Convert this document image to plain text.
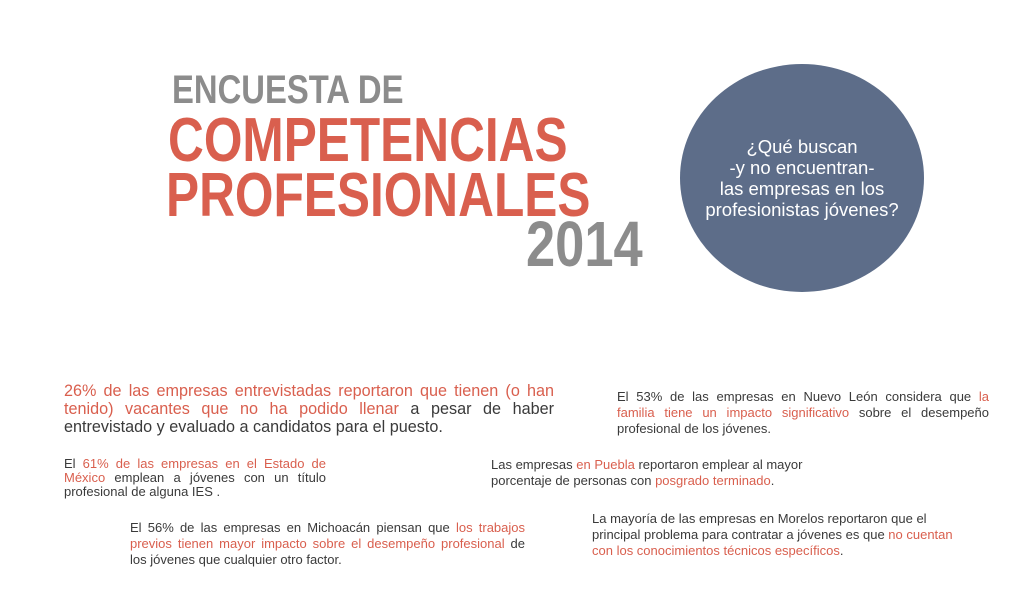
ENCUESTA DE
COMPETENCIAS
PROFESIONALES
2014
¿Qué buscan
-y no encuentran-
las empresas en los
profesionistas jóvenes?
26% de las empresas entrevistadas reportaron que tienen (o han tenido) vacantes que no ha podido llenar a pesar de haber entrevistado y evaluado a candidatos para el puesto.
El 53% de las empresas en Nuevo León considera que la familia tiene un impacto significativo sobre el desempeño profesional de los jóvenes.
El 61% de las empresas en el Estado de México emplean a jóvenes con un título profesional de alguna IES .
Las empresas en Puebla reportaron emplear al mayor porcentaje de personas con posgrado terminado.
El 56% de las empresas en Michoacán piensan que los trabajos previos tienen mayor impacto sobre el desempeño profesional de los jóvenes que cualquier otro factor.
La mayoría de las empresas en Morelos reportaron que el principal problema para contratar a jóvenes es que no cuentan con los conocimientos técnicos específicos.
